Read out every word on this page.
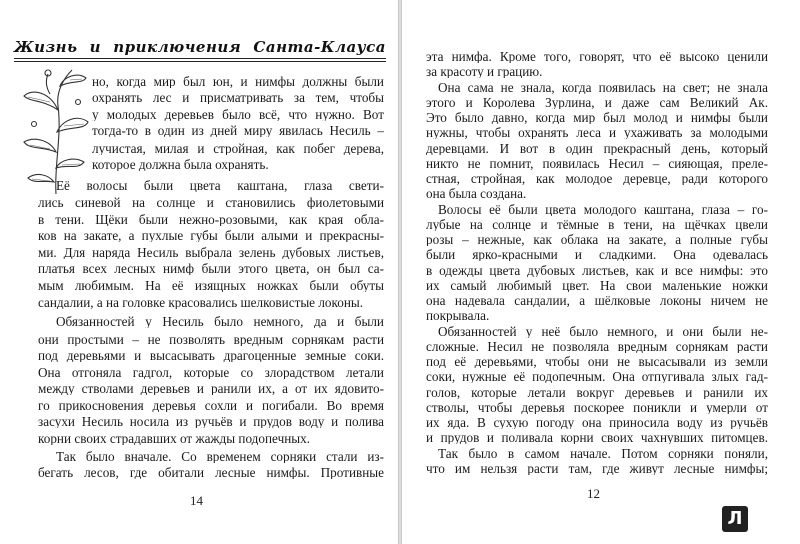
Жизнь и приключения Санта-Клауса
но, когда мир был юн, и нимфы должны были
охранять лес и присматривать за тем, чтобы
у молодых деревьев было всё, что нужно. Вот
тогда-то в один из дней миру явилась Несиль –
лучистая, милая и стройная, как побег дерева,
которое должна была охранять.
Её волосы были цвета каштана, глаза свети-
лись синевой на солнце и становились фиолетовыми
в тени. Щёки были нежно-розовыми, как края обла-
ков на закате, а пухлые губы были алыми и прекрасны-
ми. Для наряда Несиль выбрала зелень дубовых листьев,
платья всех лесных нимф были этого цвета, он был са-
мым любимым. На её изящных ножках были обуты
сандалии, а на головке красовались шелковистые локоны.
Обязанностей у Несиль было немного, да и были
они простыми – не позволять вредным сорнякам расти
под деревьями и высасывать драгоценные земные соки.
Она отгоняла гадгол, которые со злорадством летали
между стволами деревьев и ранили их, а от их ядовито-
го прикосновения деревья сохли и погибали. Во время
засухи Несиль носила из ручьёв и прудов воду и полива
корни своих страдавших от жажды подопечных.
Так было вначале. Со временем сорняки стали из-
бегать лесов, где обитали лесные нимфы. Противные
14
эта нимфа. Кроме того, говорят, что её высоко ценили
за красоту и грацию.
Она сама не знала, когда появилась на свет; не знала
этого и Королева Зурлина, и даже сам Великий Ак.
Это было давно, когда мир был молод и нимфы были
нужны, чтобы охранять леса и ухаживать за молодыми
деревцами. И вот в один прекрасный день, который
никто не помнит, появилась Несил – сияющая, преле-
стная, стройная, как молодое деревце, ради которого
она была создана.
Волосы её были цвета молодого каштана, глаза – го-
лубые на солнце и тёмные в тени, на щёчках цвели
розы – нежные, как облака на закате, а полные губы
были ярко-красными и сладкими. Она одевалась
в одежды цвета дубовых листьев, как и все нимфы: это
их самый любимый цвет. На свои маленькие ножки
она надевала сандалии, а шёлковые локоны ничем не
покрывала.
Обязанностей у неё было немного, и они были не-
сложные. Несил не позволяла вредным сорнякам расти
под её деревьями, чтобы они не высасывали из земли
соки, нужные её подопечным. Она отпугивала злых гад-
голов, которые летали вокруг деревьев и ранили их
стволы, чтобы деревья поскорее поникли и умерли от
их яда. В сухую погоду она приносила воду из ручьёв
и прудов и поливала корни своих чахнувших питомцев.
Так было в самом начале. Потом сорняки поняли,
что им нельзя расти там, где живут лесные нимфы;
12
Л
